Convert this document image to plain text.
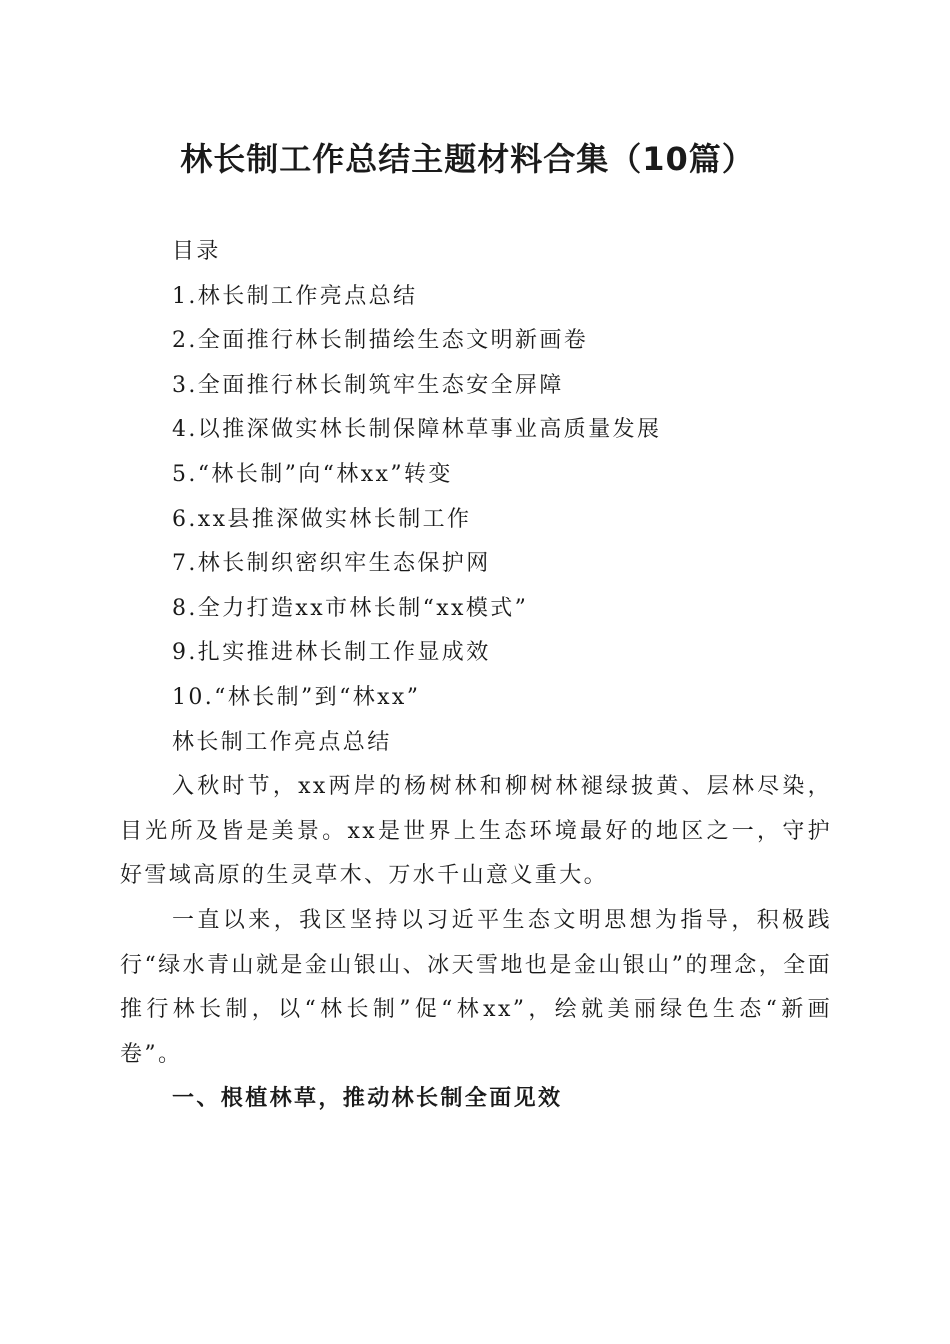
林长制工作总结主题材料合集（10篇）

目录

1.林长制工作亮点总结

2.全面推行林长制描绘生态文明新画卷

3.全面推行林长制筑牢生态安全屏障

4.以推深做实林长制保障林草事业高质量发展

5.“林长制”向“林xx”转变

6.xx县推深做实林长制工作

7.林长制织密织牢生态保护网

8.全力打造xx市林长制“xx模式”

9.扎实推进林长制工作显成效

10.“林长制”到“林xx”

林长制工作亮点总结

入秋时节，xx两岸的杨树林和柳树林褪绿披黄、层林尽染，目光所及皆是美景。xx是世界上生态环境最好的地区之一，守护好雪域高原的生灵草木、万水千山意义重大。

一直以来，我区坚持以习近平生态文明思想为指导，积极践行“绿水青山就是金山银山、冰天雪地也是金山银山”的理念，全面推行林长制，以“林长制”促“林xx”，绘就美丽绿色生态“新画卷”。

一、根植林草，推动林长制全面见效
